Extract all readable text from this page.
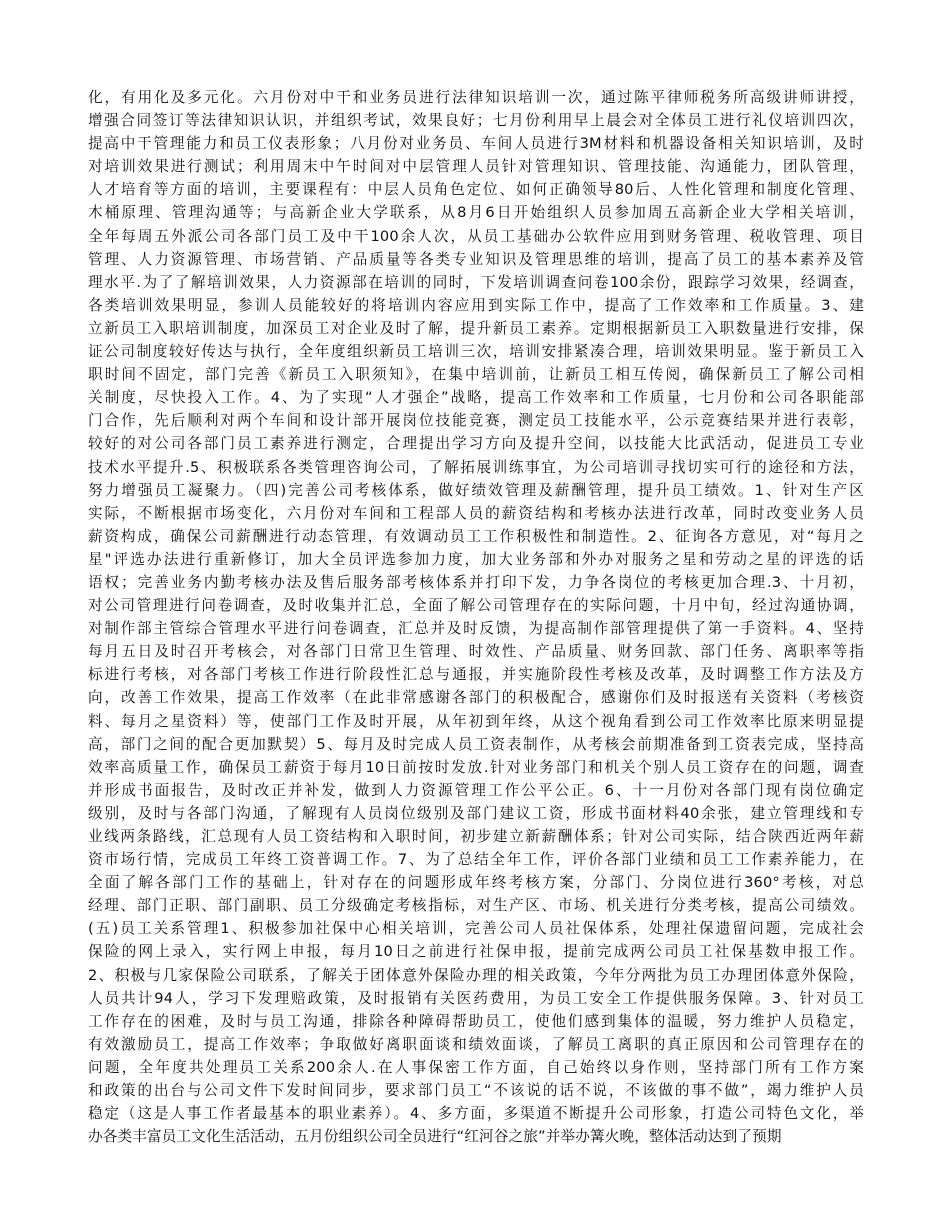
化，有用化及多元化。六月份对中干和业务员进行法律知识培训一次，通过陈平律师税务所高级讲师讲授，
增强合同签订等法律知识认识，并组织考试，效果良好；七月份利用早上晨会对全体员工进行礼仪培训四次，
提高中干管理能力和员工仪表形象；八月份对业务员、车间人员进行3M材料和机器设备相关知识培训，及时
对培训效果进行测试；利用周末中午时间对中层管理人员针对管理知识、管理技能、沟通能力，团队管理，
人才培育等方面的培训，主要课程有：中层人员角色定位、如何正确领导80后、人性化管理和制度化管理、
木桶原理、管理沟通等；与高新企业大学联系，从8月6日开始组织人员参加周五高新企业大学相关培训，
全年每周五外派公司各部门员工及中干100余人次，从员工基础办公软件应用到财务管理、税收管理、项目
管理、人力资源管理、市场营销、产品质量等各类专业知识及管理思维的培训，提高了员工的基本素养及管
理水平.为了了解培训效果，人力资源部在培训的同时，下发培训调查问卷100余份，跟踪学习效果，经调查，
各类培训效果明显，参训人员能较好的将培训内容应用到实际工作中，提高了工作效率和工作质量。3、建
立新员工入职培训制度，加深员工对企业及时了解，提升新员工素养。定期根据新员工入职数量进行安排，保
证公司制度较好传达与执行，全年度组织新员工培训三次，培训安排紧凑合理，培训效果明显。鉴于新员工入
职时间不固定，部门完善《新员工入职须知》，在集中培训前，让新员工相互传阅，确保新员工了解公司相
关制度，尽快投入工作。4、为了实现“人才强企”战略，提高工作效率和工作质量，七月份和公司各职能部
门合作，先后顺利对两个车间和设计部开展岗位技能竞赛，测定员工技能水平，公示竞赛结果并进行表彰，
较好的对公司各部门员工素养进行测定，合理提出学习方向及提升空间，以技能大比武活动，促进员工专业
技术水平提升.5、积极联系各类管理咨询公司，了解拓展训练事宜，为公司培训寻找切实可行的途径和方法，
努力增强员工凝聚力。（四)完善公司考核体系，做好绩效管理及薪酬管理，提升员工绩效。1、针对生产区
实际，不断根据市场变化，六月份对车间和工程部人员的薪资结构和考核办法进行改革，同时改变业务人员
薪资构成，确保公司薪酬进行动态管理，有效调动员工工作积极性和制造性。2、征询各方意见，对“每月之
星"评选办法进行重新修订，加大全员评选参加力度，加大业务部和外办对服务之星和劳动之星的评选的话
语权；完善业务内勤考核办法及售后服务部考核体系并打印下发，力争各岗位的考核更加合理.3、十月初，
对公司管理进行问卷调查，及时收集并汇总，全面了解公司管理存在的实际问题，十月中旬，经过沟通协调，
对制作部主管综合管理水平进行问卷调查，汇总并及时反馈，为提高制作部管理提供了第一手资料。4、坚持
每月五日及时召开考核会，对各部门日常卫生管理、时效性、产品质量、财务回款、部门任务、离职率等指
标进行考核，对各部门考核工作进行阶段性汇总与通报，并实施阶段性考核及改革，及时调整工作方法及方
向，改善工作效果，提高工作效率（在此非常感谢各部门的积极配合，感谢你们及时报送有关资料（考核资
料、每月之星资料）等，使部门工作及时开展，从年初到年终，从这个视角看到公司工作效率比原来明显提
高，部门之间的配合更加默契）5、每月及时完成人员工资表制作，从考核会前期准备到工资表完成，坚持高
效率高质量工作，确保员工薪资于每月10日前按时发放.针对业务部门和机关个别人员工资存在的问题，调查
并形成书面报告，及时改正并补发，做到人力资源管理工作公平公正。6、十一月份对各部门现有岗位确定
级别，及时与各部门沟通，了解现有人员岗位级别及部门建议工资，形成书面材料40余张，建立管理线和专
业线两条路线，汇总现有人员工资结构和入职时间，初步建立新薪酬体系；针对公司实际，结合陕西近两年薪
资市场行情，完成员工年终工资普调工作。7、为了总结全年工作，评价各部门业绩和员工工作素养能力，在
全面了解各部门工作的基础上，针对存在的问题形成年终考核方案，分部门、分岗位进行360°考核，对总
经理、部门正职、部门副职、员工分级确定考核指标，对生产区、市场、机关进行分类考核，提高公司绩效。
(五)员工关系管理1、积极参加社保中心相关培训，完善公司人员社保体系，处理社保遗留问题，完成社会
保险的网上录入，实行网上申报，每月10日之前进行社保申报，提前完成两公司员工社保基数申报工作。
2、积极与几家保险公司联系，了解关于团体意外保险办理的相关政策，今年分两批为员工办理团体意外保险，
人员共计94人，学习下发理赔政策，及时报销有关医药费用，为员工安全工作提供服务保障。3、针对员工
工作存在的困难，及时与员工沟通，排除各种障碍帮助员工，使他们感到集体的温暖，努力维护人员稳定，
有效激励员工，提高工作效率；争取做好离职面谈和绩效面谈，了解员工离职的真正原因和公司管理存在的
问题，全年度共处理员工关系200余人.在人事保密工作方面，自己始终以身作则，坚持部门所有工作方案
和政策的出台与公司文件下发时间同步，要求部门员工“不该说的话不说，不该做的事不做”，竭力维护人员
稳定（这是人事工作者最基本的职业素养）。4、多方面，多渠道不断提升公司形象，打造公司特色文化，举
办各类丰富员工文化生活活动，五月份组织公司全员进行“红河谷之旅”并举办篝火晚，整体活动达到了预期
